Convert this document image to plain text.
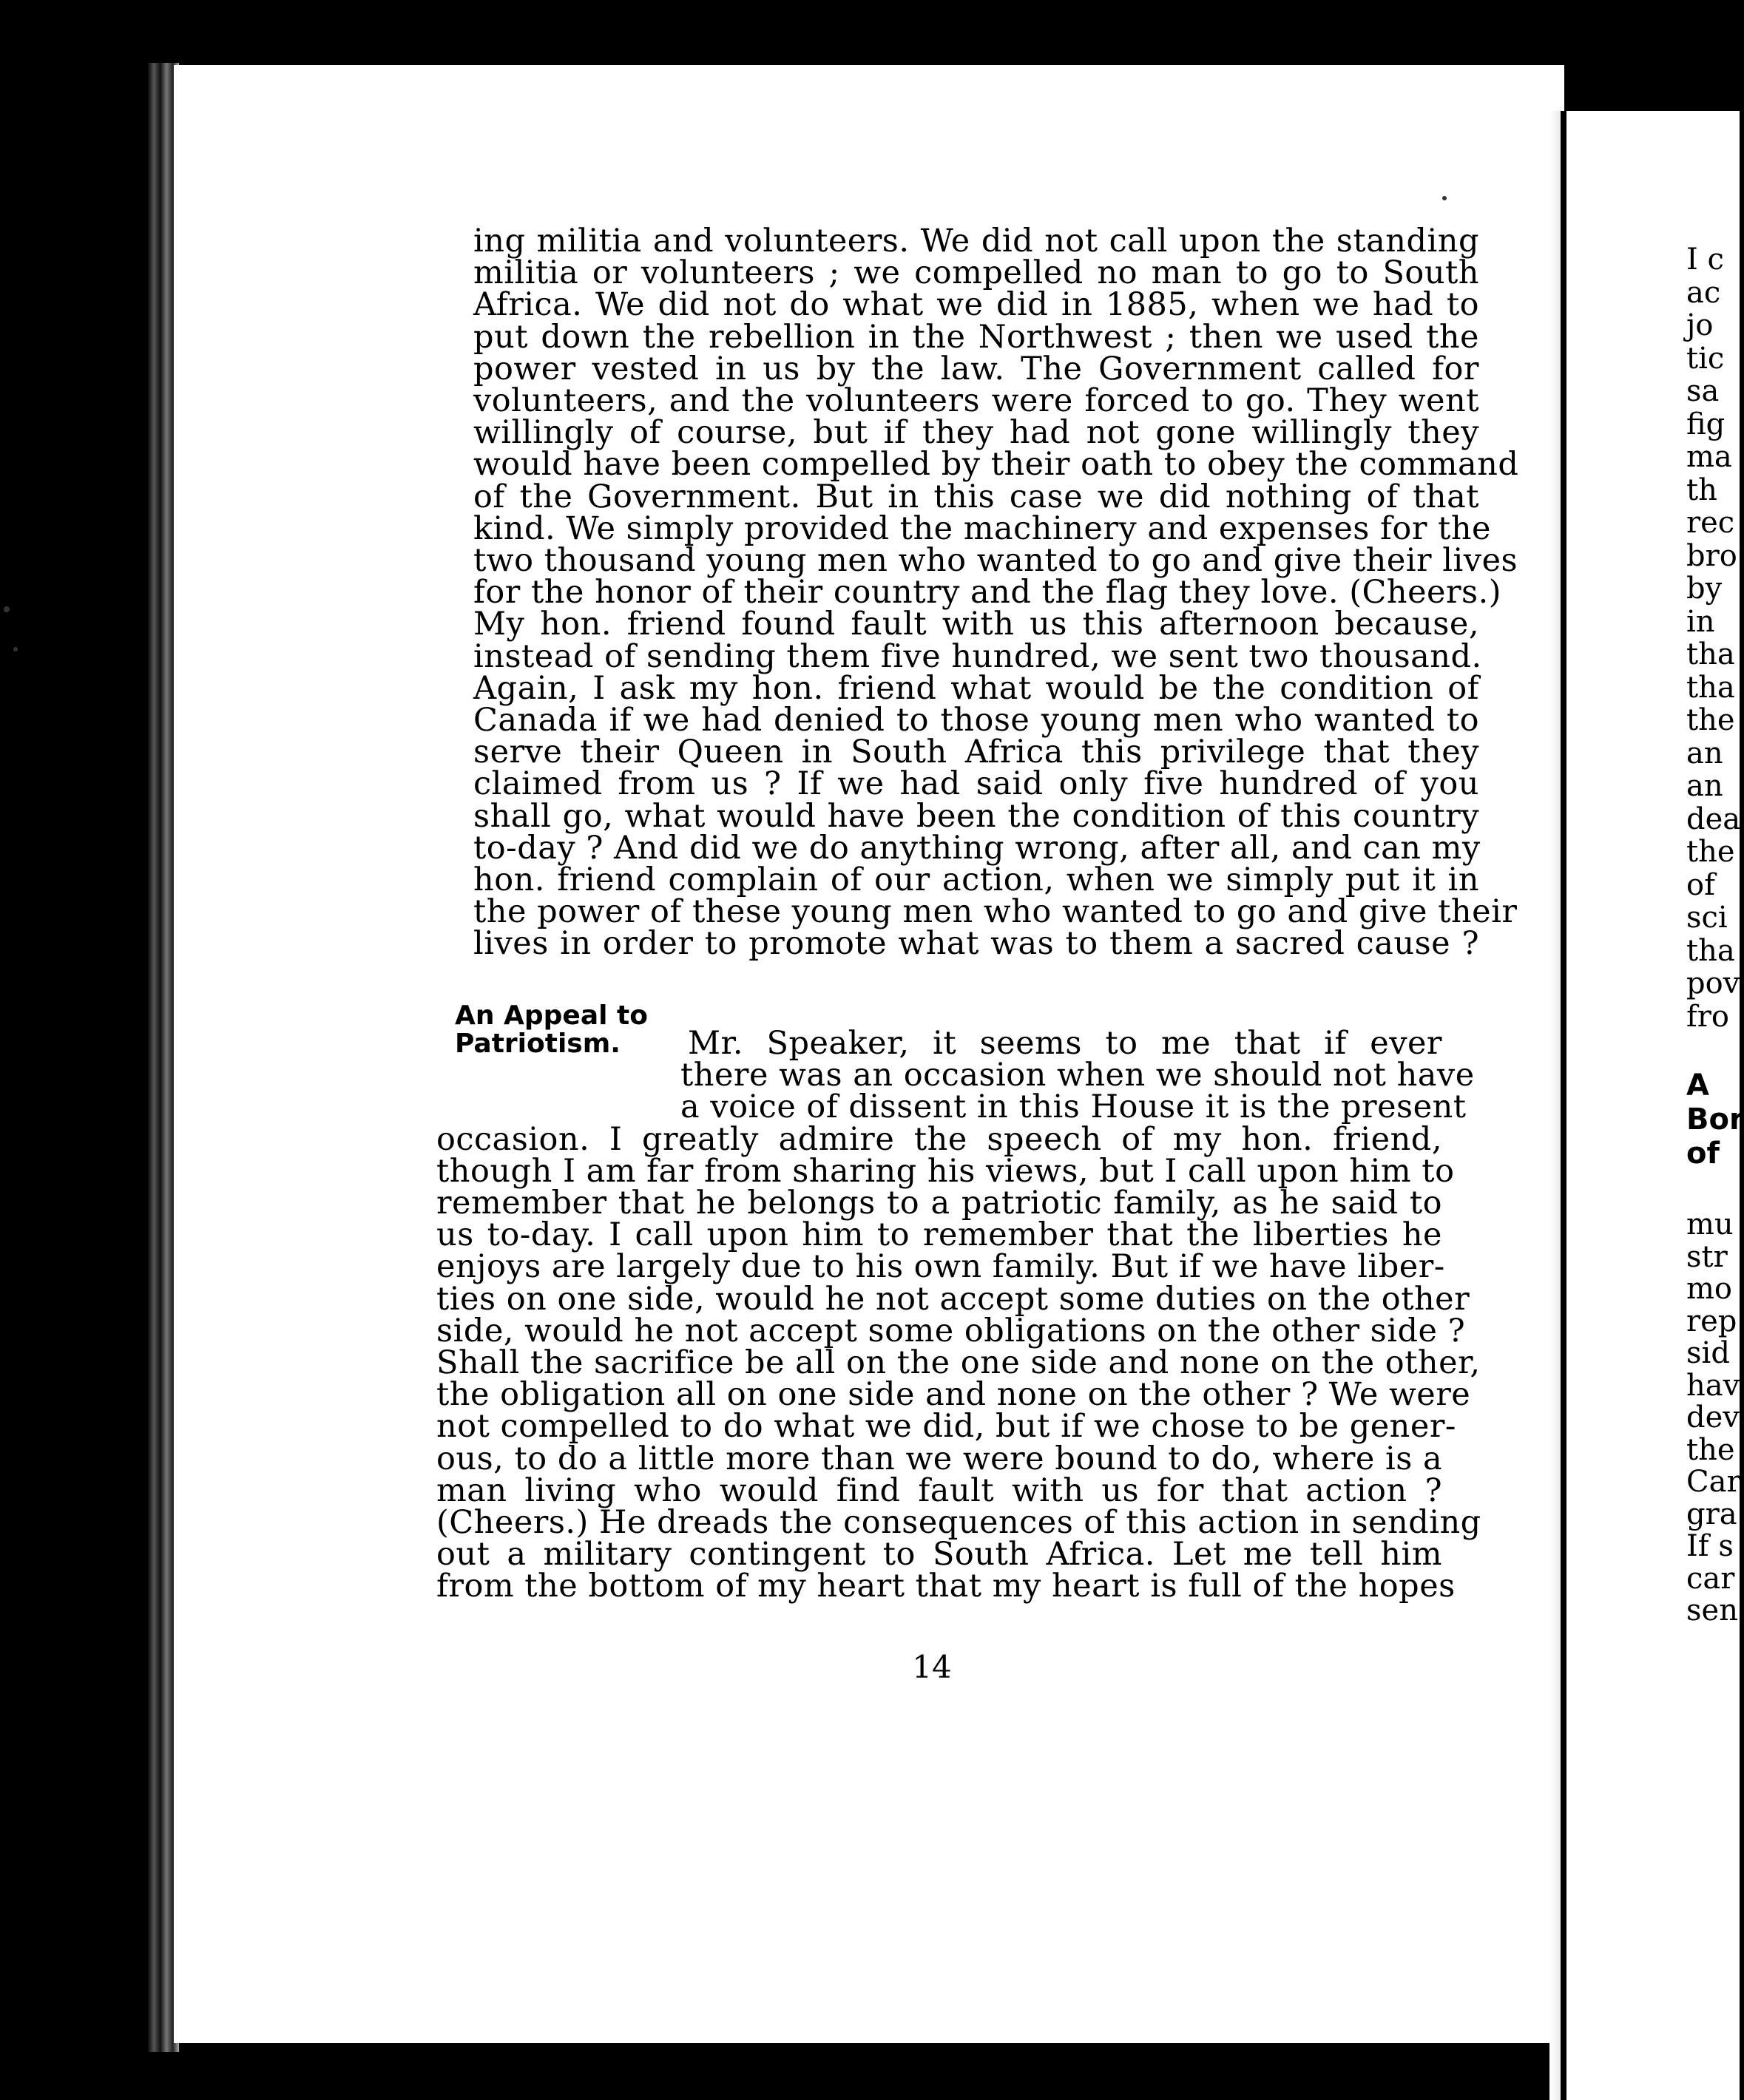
ing militia and volunteers. We did not call upon the standing
militia or volunteers ; we compelled no man to go to South
Africa. We did not do what we did in 1885, when we had to
put down the rebellion in the Northwest ; then we used the
power vested in us by the law. The Government called for
volunteers, and the volunteers were forced to go. They went
willingly of course, but if they had not gone willingly they
would have been compelled by their oath to obey the command
of the Government. But in this case we did nothing of that
kind. We simply provided the machinery and expenses for the
two thousand young men who wanted to go and give their lives
for the honor of their country and the flag they love. (Cheers.)
My hon. friend found fault with us this afternoon because,
instead of sending them five hundred, we sent two thousand.
Again, I ask my hon. friend what would be the condition of
Canada if we had denied to those young men who wanted to
serve their Queen in South Africa this privilege that they
claimed from us ? If we had said only five hundred of you
shall go, what would have been the condition of this country
to-day ? And did we do anything wrong, after all, and can my
hon. friend complain of our action, when we simply put it in
the power of these young men who wanted to go and give their
lives in order to promote what was to them a sacred cause ?
An Appeal to
Patriotism.	Mr. Speaker, it seems to me that if ever
there was an occasion when we should not have
a voice of dissent in this House it is the present
occasion. I greatly admire the speech of my hon. friend,
though I am far from sharing his views, but I call upon him to
remember that he belongs to a patriotic family, as he said to
us to-day. I call upon him to remember that the liberties he
enjoys are largely due to his own family. But if we have liber-
ties on one side, would he not accept some duties on the other
side, would he not accept some obligations on the other side ?
Shall the sacrifice be all on the one side and none on the other,
the obligation all on one side and none on the other ? We were
not compelled to do what we did, but if we chose to be gener-
ous, to do a little more than we were bound to do, where is a
man living who would find fault with us for that action ?
(Cheers.) He dreads the consequences of this action in sending
out a military contingent to South Africa. Let me tell him
from the bottom of my heart that my heart is full of the hopes
14
I c
ac
jo
tic
sa
fig
ma
th
rec
bro
by
in
tha
tha
the
an
an
dea
the
of
sci
tha
pov
fro
A
Bor
of
mu
str
mo
rep
sid
hav
dev
the
Car
gra
If s
car
sen
